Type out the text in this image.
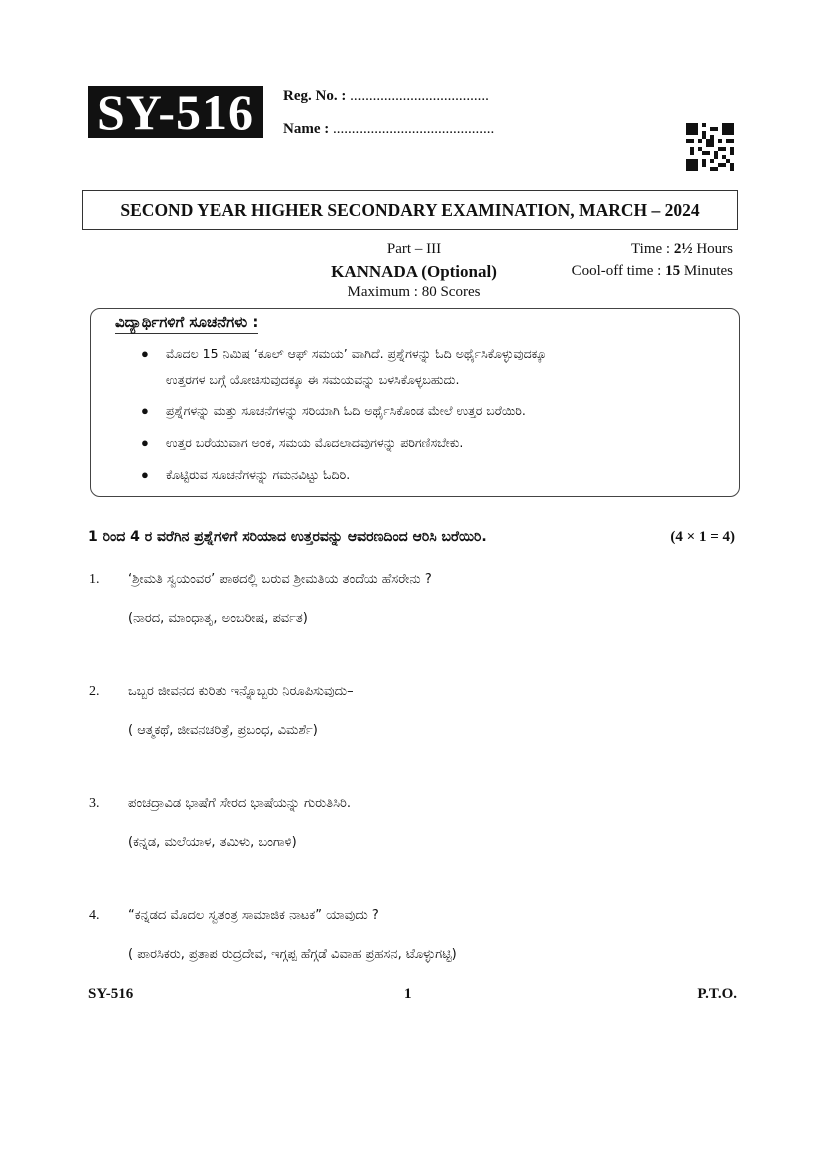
SY-516	Reg. No. : .....................................
Name : ...........................................
SECOND YEAR HIGHER SECONDARY EXAMINATION, MARCH – 2024
Part – III
KANNADA (Optional)
Maximum : 80 Scores
Time : 2½ Hours
Cool-off time : 15 Minutes
ವಿದ್ಯಾರ್ಥಿಗಳಿಗೆ ಸೂಚನೆಗಳು :
● ಮೊದಲ 15 ನಿಮಿಷ ‘ಕೂಲ್ ಆಫ್ ಸಮಯ’ ವಾಗಿದೆ. ಪ್ರಶ್ನೆಗಳನ್ನು ಓದಿ ಅರ್ಥೈಸಿಕೊಳ್ಳುವುದಕ್ಕೂ
ಉತ್ತರಗಳ ಬಗ್ಗೆ ಯೋಚಿಸುವುದಕ್ಕೂ ಈ ಸಮಯವನ್ನು ಬಳಸಿಕೊಳ್ಳಬಹುದು.
● ಪ್ರಶ್ನೆಗಳನ್ನು ಮತ್ತು ಸೂಚನೆಗಳನ್ನು ಸರಿಯಾಗಿ ಓದಿ ಅರ್ಥೈಸಿಕೊಂಡ ಮೇಲೆ ಉತ್ತರ ಬರೆಯಿರಿ.
● ಉತ್ತರ ಬರೆಯುವಾಗ ಅಂಕ, ಸಮಯ ಮೊದಲಾದವುಗಳನ್ನು ಪರಿಗಣಿಸಬೇಕು.
● ಕೊಟ್ಟಿರುವ ಸೂಚನೆಗಳನ್ನು ಗಮನವಿಟ್ಟು ಓದಿರಿ.
1 ರಿಂದ 4 ರ ವರೆಗಿನ ಪ್ರಶ್ನೆಗಳಿಗೆ ಸರಿಯಾದ ಉತ್ತರವನ್ನು ಆವರಣದಿಂದ ಆರಿಸಿ ಬರೆಯಿರಿ.	(4 × 1 = 4)
1. ‘ಶ್ರೀಮತಿ ಸ್ವಯಂವರ’ ಪಾಠದಲ್ಲಿ ಬರುವ ಶ್ರೀಮತಿಯ ತಂದೆಯ ಹೆಸರೇನು ?
(ನಾರದ, ಮಾಂಧಾತೃ, ಅಂಬರೀಷ, ಪರ್ವತ)
2. ಒಬ್ಬರ ಜೀವನದ ಕುರಿತು ಇನ್ನೊಬ್ಬರು ನಿರೂಪಿಸುವುದು–
( ಆತ್ಮಕಥೆ, ಜೀವನಚರಿತ್ರೆ, ಪ್ರಬಂಧ, ವಿಮರ್ಶೆ)
3. ಪಂಚದ್ರಾವಿಡ ಭಾಷೆಗೆ ಸೇರದ ಭಾಷೆಯನ್ನು ಗುರುತಿಸಿರಿ.
(ಕನ್ನಡ, ಮಲೆಯಾಳ, ತಮಿಳು, ಬಂಗಾಳಿ)
4. “ಕನ್ನಡದ ಮೊದಲ ಸ್ವತಂತ್ರ ಸಾಮಾಜಿಕ ನಾಟಕ” ಯಾವುದು ?
( ಪಾರಸಿಕರು, ಪ್ರತಾಪ ರುದ್ರದೇವ, ಇಗ್ಗಪ್ಪ ಹೆಗ್ಗಡೆ ವಿವಾಹ ಪ್ರಹಸನ, ಟೊಳ್ಳುಗಟ್ಟಿ)
SY-516	1	P.T.O.
